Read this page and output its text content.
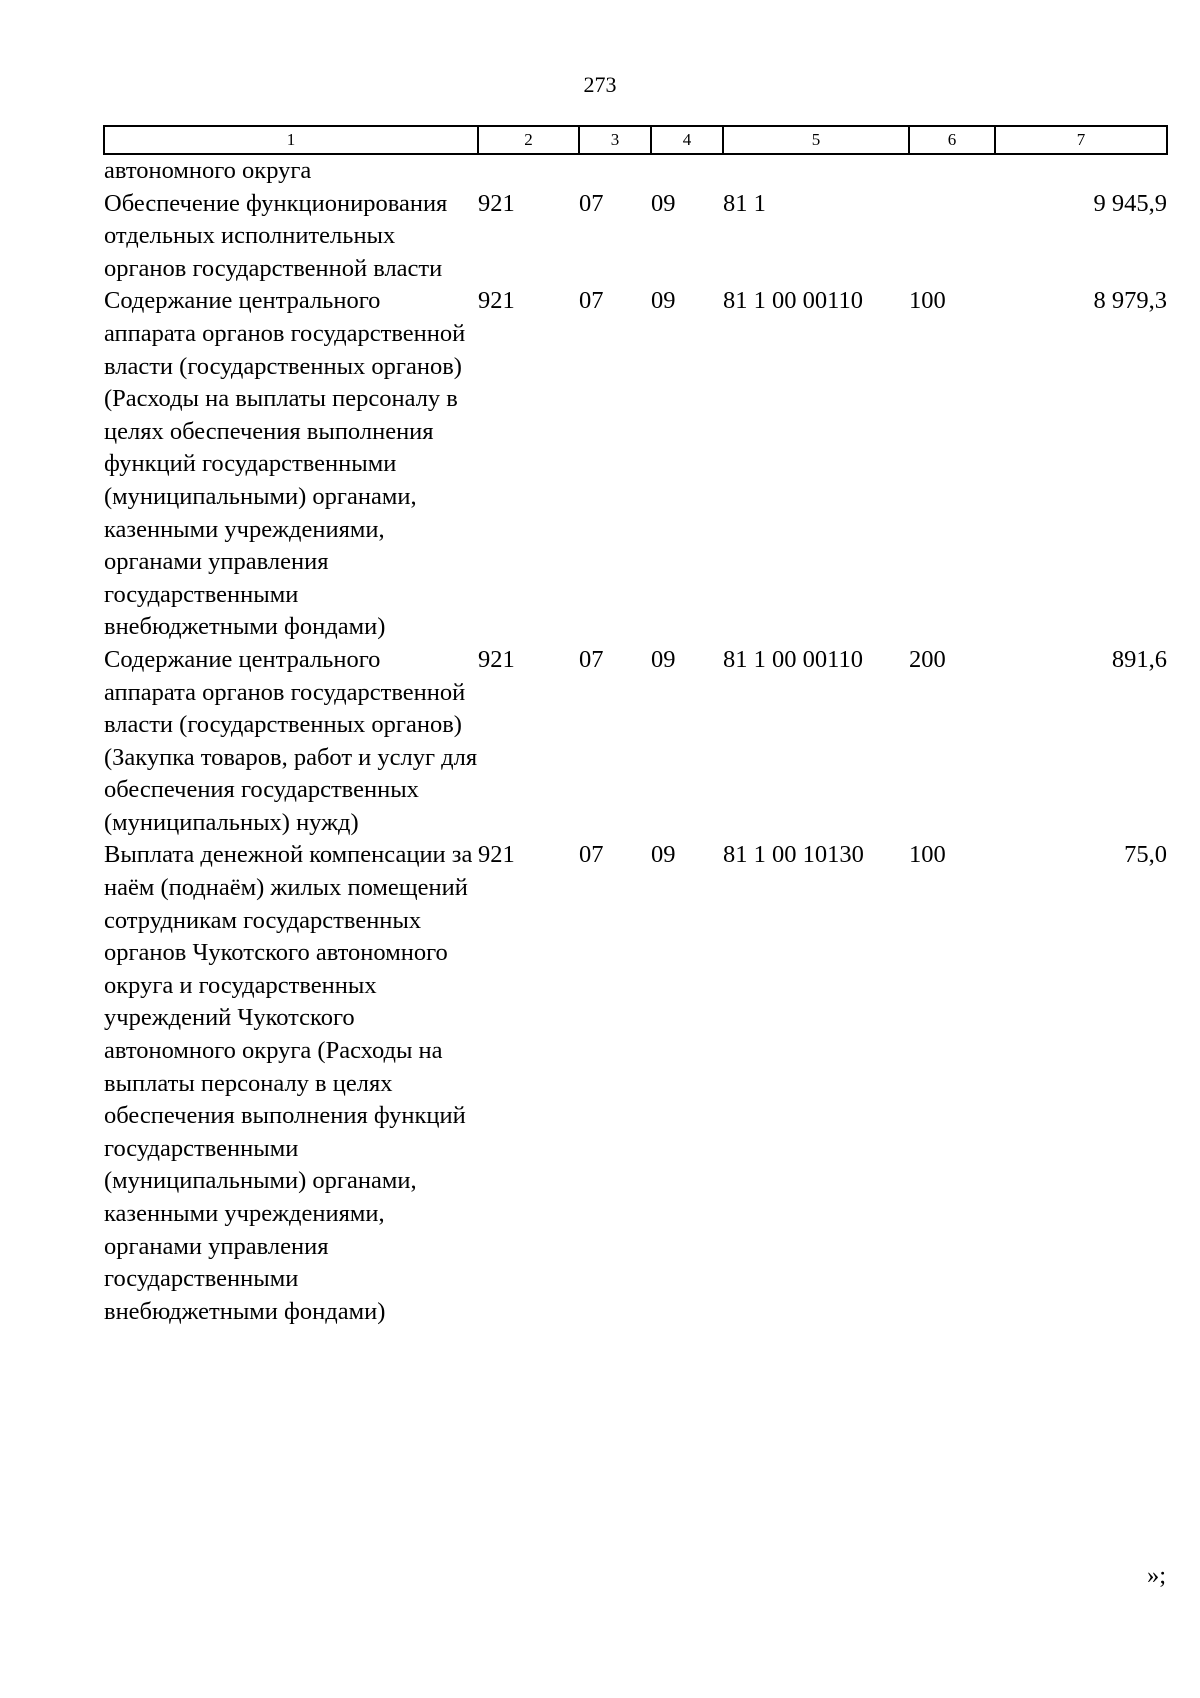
273
1	2	3	4	5	6	7
автономного округа						
Обеспечение функционирования отдельных исполнительных органов государственной власти	921	07	09	81 1		9 945,9
Содержание центрального аппарата органов государственной власти (государственных органов) (Расходы на выплаты персоналу в целях обеспечения выполнения функций государственными (муниципальными) органами, казенными учреждениями, органами управления государственными внебюджетными фондами)	921	07	09	81 1 00 00110	100	8 979,3
Содержание центрального аппарата органов государственной власти (государственных органов) (Закупка товаров, работ и услуг для обеспечения государственных (муниципальных) нужд)	921	07	09	81 1 00 00110	200	891,6
Выплата денежной компенсации за наём (поднаём) жилых помещений сотрудникам государственных органов Чукотского автономного округа и государственных учреждений Чукотского автономного округа (Расходы на выплаты персоналу в целях обеспечения выполнения функций государственными (муниципальными) органами, казенными учреждениями, органами управления государственными внебюджетными фондами)	921	07	09	81 1 00 10130	100	75,0
»;
